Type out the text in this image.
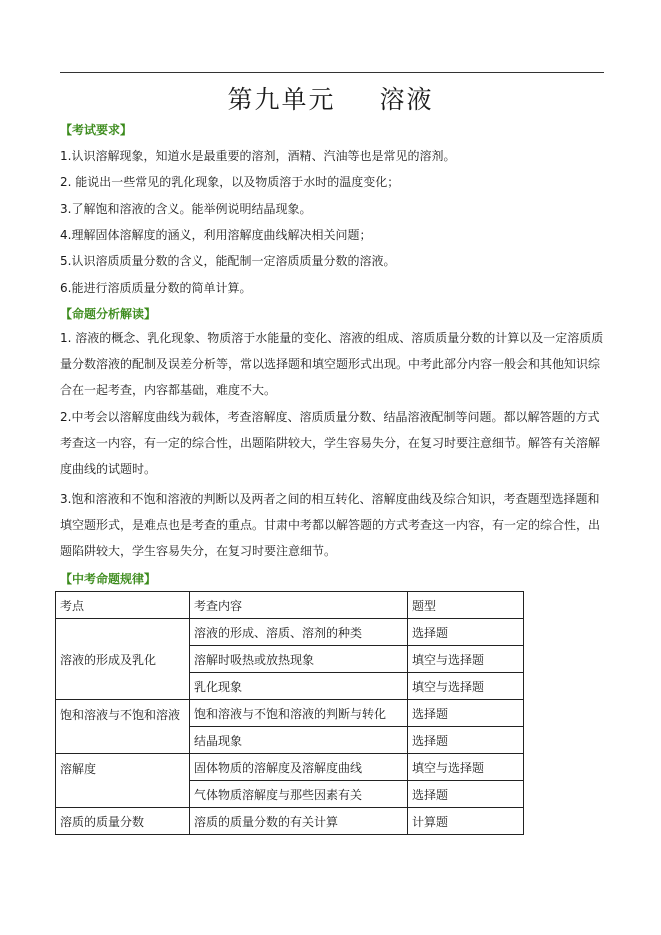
第九单元 溶液
【考试要求】
1.认识溶解现象，知道水是最重要的溶剂，酒精、汽油等也是常见的溶剂。
2. 能说出一些常见的乳化现象，以及物质溶于水时的温度变化；
3.了解饱和溶液的含义。能举例说明结晶现象。
4.理解固体溶解度的涵义，利用溶解度曲线解决相关问题；
5.认识溶质质量分数的含义，能配制一定溶质质量分数的溶液。
6.能进行溶质质量分数的简单计算。
【命题分析解读】
1. 溶液的概念、乳化现象、物质溶于水能量的变化、溶液的组成、溶质质量分数的计算以及一定溶质质量分数溶液的配制及误差分析等，常以选择题和填空题形式出现。中考此部分内容一般会和其他知识综合在一起考查，内容都基础，难度不大。
2.中考会以溶解度曲线为载体，考查溶解度、溶质质量分数、结晶溶液配制等问题。都以解答题的方式考查这一内容，有一定的综合性，出题陷阱较大，学生容易失分，在复习时要注意细节。解答有关溶解度曲线的试题时。
3.饱和溶液和不饱和溶液的判断以及两者之间的相互转化、溶解度曲线及综合知识，考查题型选择题和填空题形式，是难点也是考查的重点。甘肃中考都以解答题的方式考查这一内容，有一定的综合性，出题陷阱较大，学生容易失分，在复习时要注意细节。
【中考命题规律】
考点	考查内容	题型
溶液的形成及乳化	溶液的形成、溶质、溶剂的种类	选择题
	溶解时吸热或放热现象	填空与选择题
	乳化现象	填空与选择题
饱和溶液与不饱和溶液	饱和溶液与不饱和溶液的判断与转化	选择题
	结晶现象	选择题
溶解度	固体物质的溶解度及溶解度曲线	填空与选择题
	气体物质溶解度与那些因素有关	选择题
溶质的质量分数	溶质的质量分数的有关计算	计算题
